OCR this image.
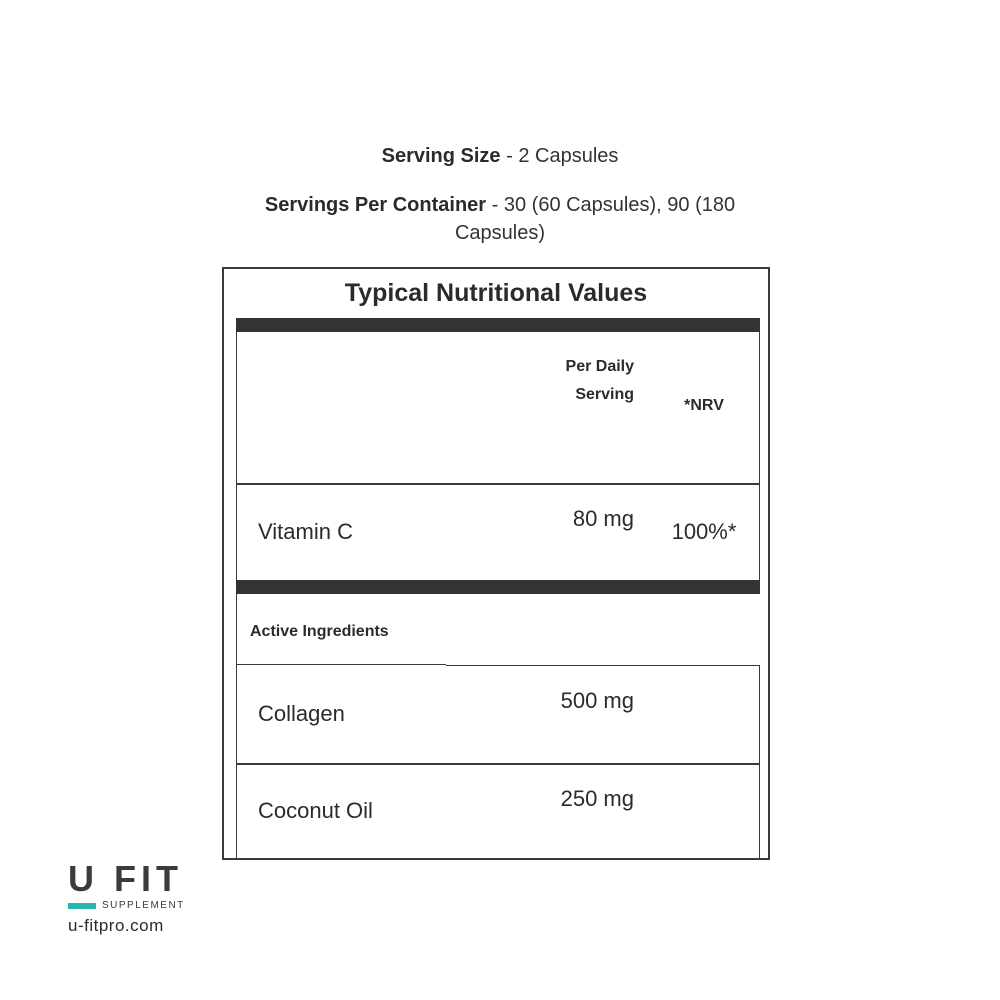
Serving Size - 2 Capsules
Servings Per Container - 30 (60 Capsules), 90 (180 Capsules)
Typical Nutritional Values
Per Daily Serving
*NRV
Vitamin C
80 mg
100%*
Active Ingredients
Collagen
500 mg
Coconut Oil	250 mg
U FIT
SUPPLEMENT
u-fitpro.com
